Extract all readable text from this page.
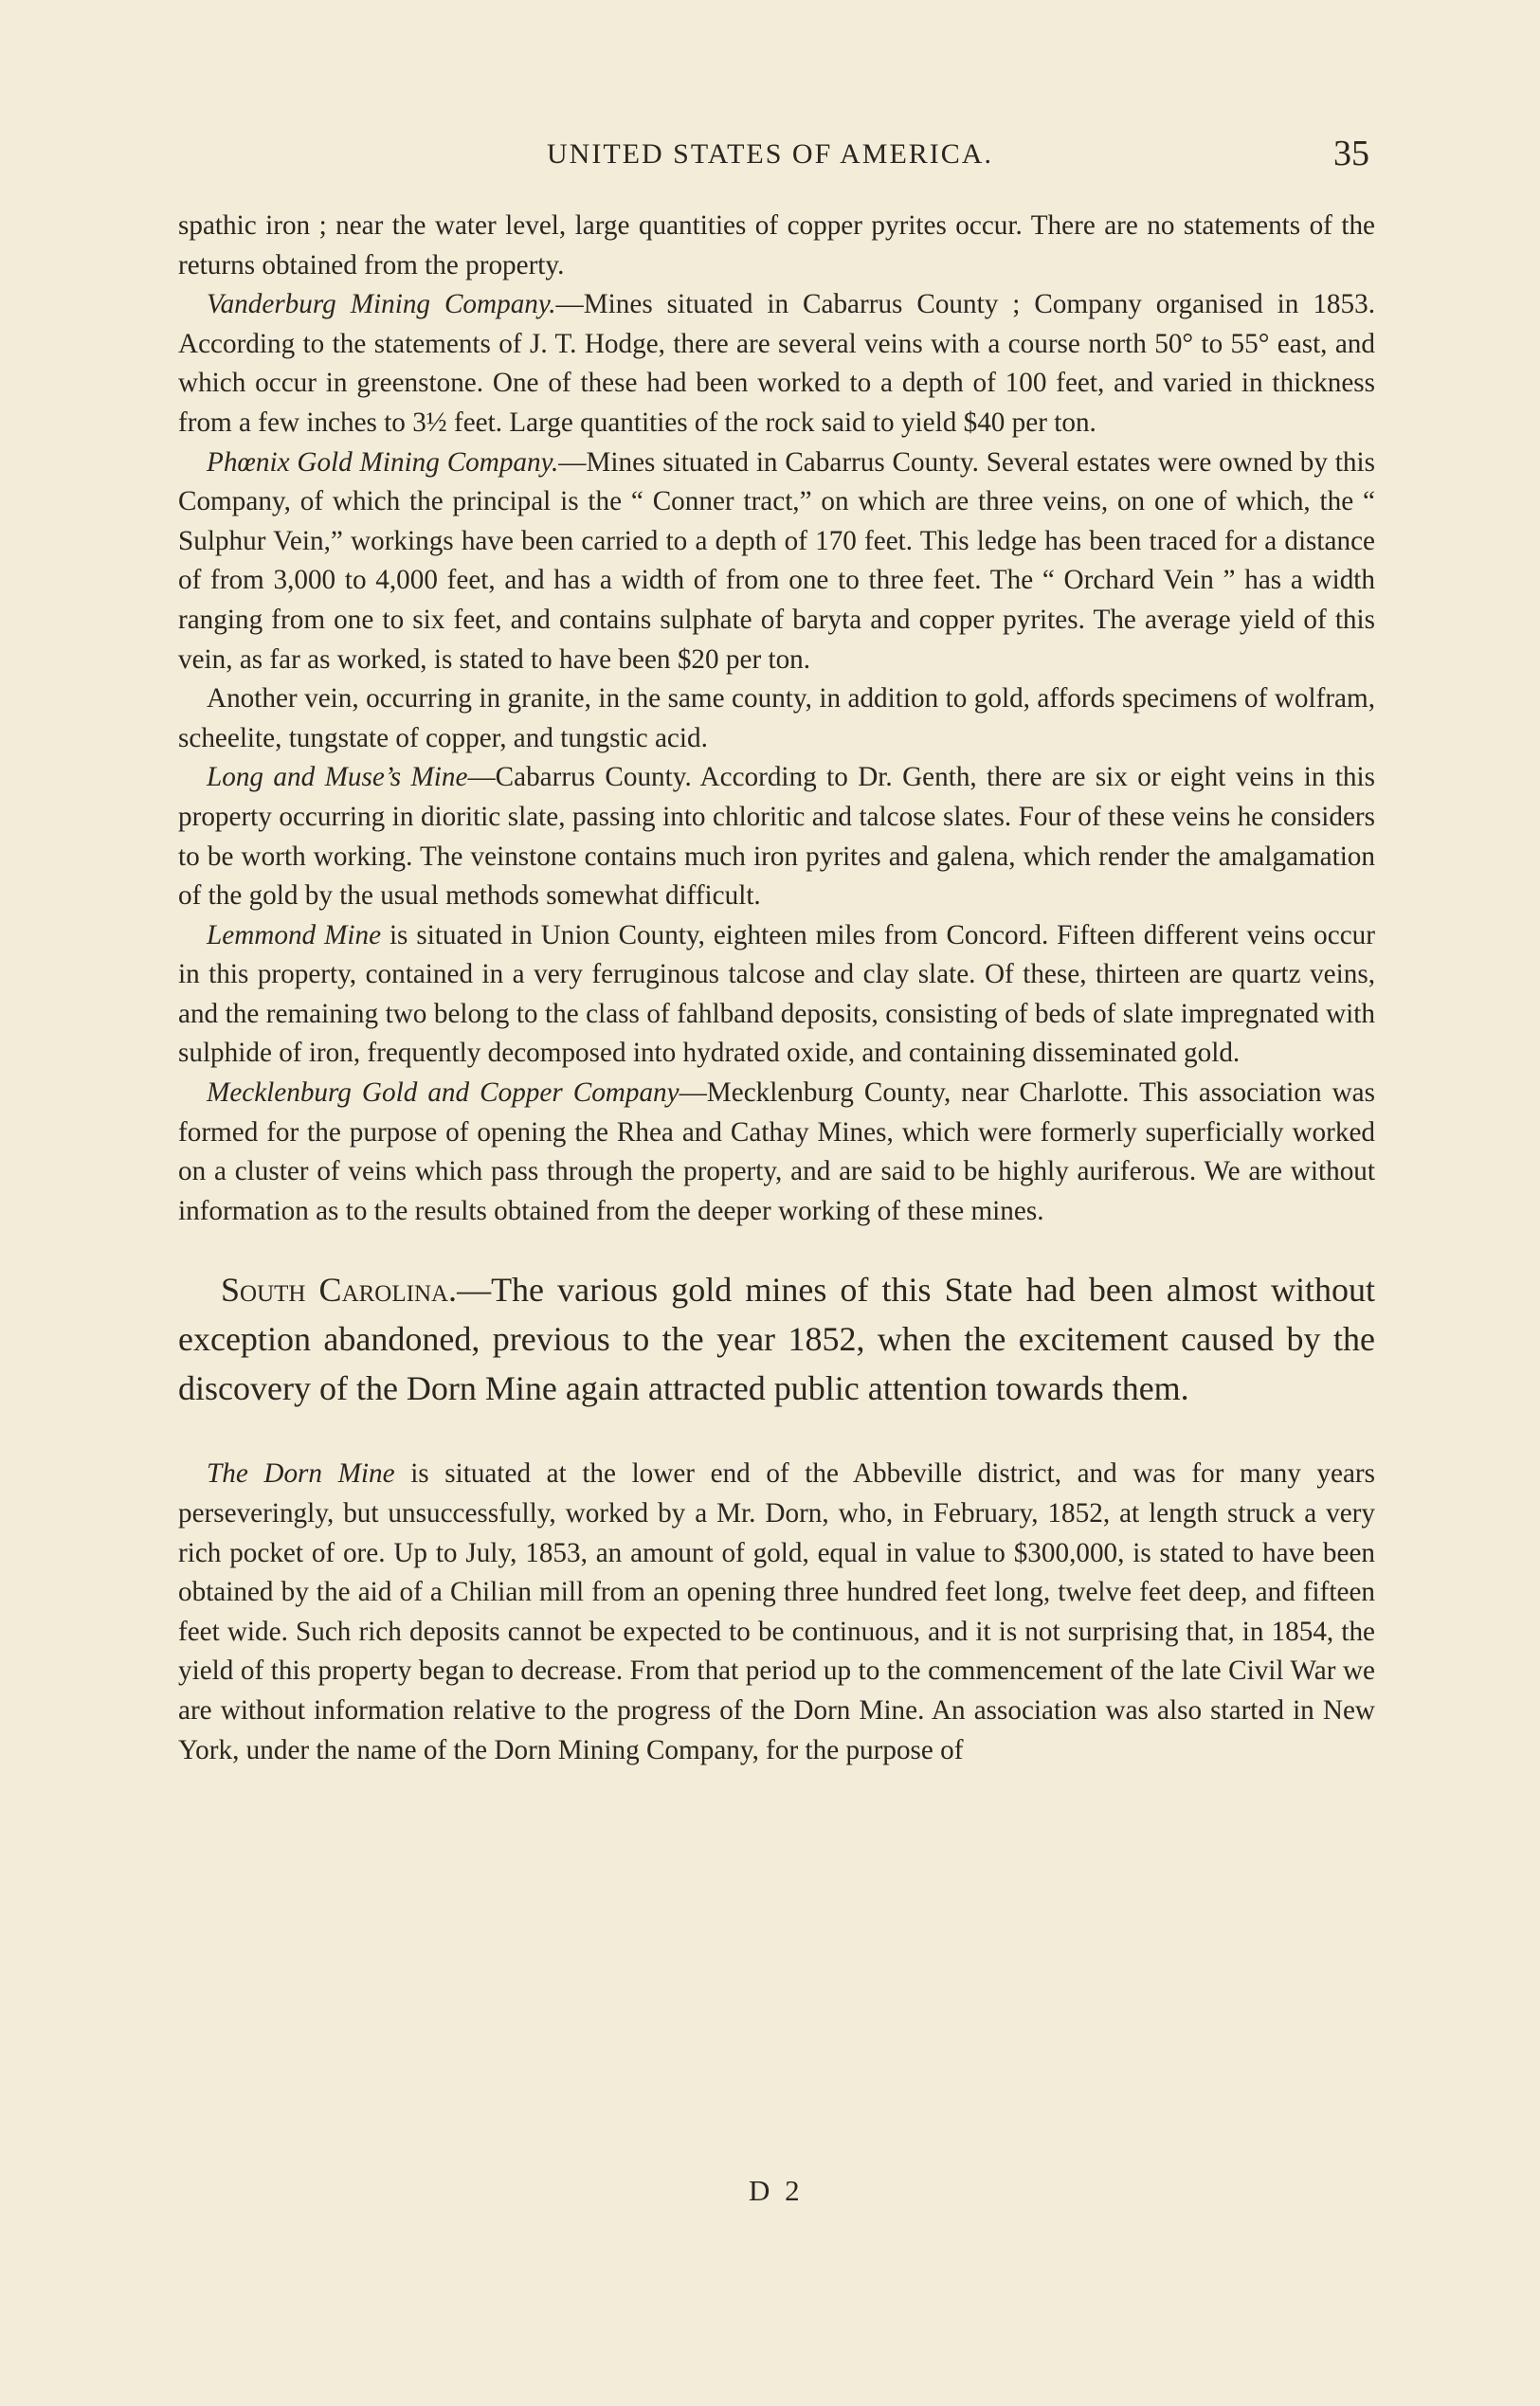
UNITED STATES OF AMERICA.	35

spathic iron ; near the water level, large quantities of copper pyrites occur. There are no statements of the returns obtained from the property.

Vanderburg Mining Company.—Mines situated in Cabarrus County ; Company organised in 1853. According to the statements of J. T. Hodge, there are several veins with a course north 50° to 55° east, and which occur in greenstone. One of these had been worked to a depth of 100 feet, and varied in thickness from a few inches to 3½ feet. Large quantities of the rock said to yield $40 per ton.

Phœnix Gold Mining Company.—Mines situated in Cabarrus County. Several estates were owned by this Company, of which the principal is the “ Conner tract,” on which are three veins, on one of which, the “ Sulphur Vein,” workings have been carried to a depth of 170 feet. This ledge has been traced for a distance of from 3,000 to 4,000 feet, and has a width of from one to three feet. The “ Orchard Vein ” has a width ranging from one to six feet, and contains sulphate of baryta and copper pyrites. The average yield of this vein, as far as worked, is stated to have been $20 per ton.

Another vein, occurring in granite, in the same county, in addition to gold, affords specimens of wolfram, scheelite, tungstate of copper, and tungstic acid.

Long and Muse’s Mine—Cabarrus County. According to Dr. Genth, there are six or eight veins in this property occurring in dioritic slate, passing into chloritic and talcose slates. Four of these veins he considers to be worth working. The veinstone contains much iron pyrites and galena, which render the amalgamation of the gold by the usual methods somewhat difficult.

Lemmond Mine is situated in Union County, eighteen miles from Concord. Fifteen different veins occur in this property, contained in a very ferruginous talcose and clay slate. Of these, thirteen are quartz veins, and the remaining two belong to the class of fahlband deposits, consisting of beds of slate impregnated with sulphide of iron, frequently decomposed into hydrated oxide, and containing disseminated gold.

Mecklenburg Gold and Copper Company—Mecklenburg County, near Charlotte. This association was formed for the purpose of opening the Rhea and Cathay Mines, which were formerly superficially worked on a cluster of veins which pass through the property, and are said to be highly auriferous. We are without information as to the results obtained from the deeper working of these mines.

South Carolina.—The various gold mines of this State had been almost without exception abandoned, previous to the year 1852, when the excitement caused by the discovery of the Dorn Mine again attracted public attention towards them.

The Dorn Mine is situated at the lower end of the Abbeville district, and was for many years perseveringly, but unsuccessfully, worked by a Mr. Dorn, who, in February, 1852, at length struck a very rich pocket of ore. Up to July, 1853, an amount of gold, equal in value to $300,000, is stated to have been obtained by the aid of a Chilian mill from an opening three hundred feet long, twelve feet deep, and fifteen feet wide. Such rich deposits cannot be expected to be continuous, and it is not surprising that, in 1854, the yield of this property began to decrease. From that period up to the commencement of the late Civil War we are without information relative to the progress of the Dorn Mine. An association was also started in New York, under the name of the Dorn Mining Company, for the purpose of

D 2
